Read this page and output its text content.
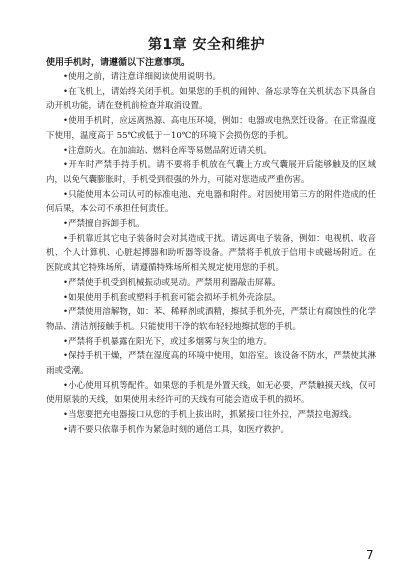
第1章 安全和维护
使用手机时，请遵循以下注意事项。

•使用之前，请注意详细阅读使用说明书。

•在飞机上，请始终关闭手机。如果您的手机的闹钟、备忘录等在关机状态下具备自动开机功能，请在登机前检查并取消设置。

•使用手机时，应远离热源、高电压环境，例如：电器或电热烹饪设备。在正常温度下使用，温度高于 55℃或低于－10℃的环境下会损伤您的手机。

•注意防火。在加油站、燃料仓库等易燃品附近请关机。

•开车时严禁手持手机。请不要将手机放在气囊上方或气囊展开后能够触及的区域内，以免气囊膨胀时，手机受到很强的外力，可能对您造成严重伤害。

•只能使用本公司认可的标准电池、充电器和附件。对因使用第三方的附件造成的任何后果，本公司不承担任何责任。

•严禁擅自拆卸手机。

•手机靠近其它电子装备时会对其造成干扰。请远离电子装备，例如：电视机、收音机、个人计算机、心脏起搏器和助听器等设备。严禁将手机放于信用卡或磁场附近。在医院或其它特殊场所，请遵循特殊场所相关规定使用您的手机。

•严禁使手机受到机械振动或晃动。严禁用利器敲击屏幕。

•如果使用手机套或塑料手机套可能会损坏手机外壳涂层。

•严禁使用溶解物，如：苯、稀释剂或酒精，擦拭手机外壳，严禁让有腐蚀性的化学物品、清洁剂接触手机。只能使用干净的软布轻轻地擦拭您的手机。

•严禁将手机暴露在阳光下，或过多烟雾与灰尘的地方。

•保持手机干燥，严禁在湿度高的环境中使用，如浴室。该设备不防水，严禁使其淋雨或受潮。

•小心使用耳机等配件。如果您的手机是外置天线，如无必要，严禁触摸天线，仅可使用原装的天线，如果使用未经许可的天线有可能会造成手机的损坏。

•当您要把充电器接口从您的手机上拔出时，抓紧接口往外拉，严禁拉电源线。

•请不要只依靠手机作为紧急时刻的通信工具，如医疗救护。

7
